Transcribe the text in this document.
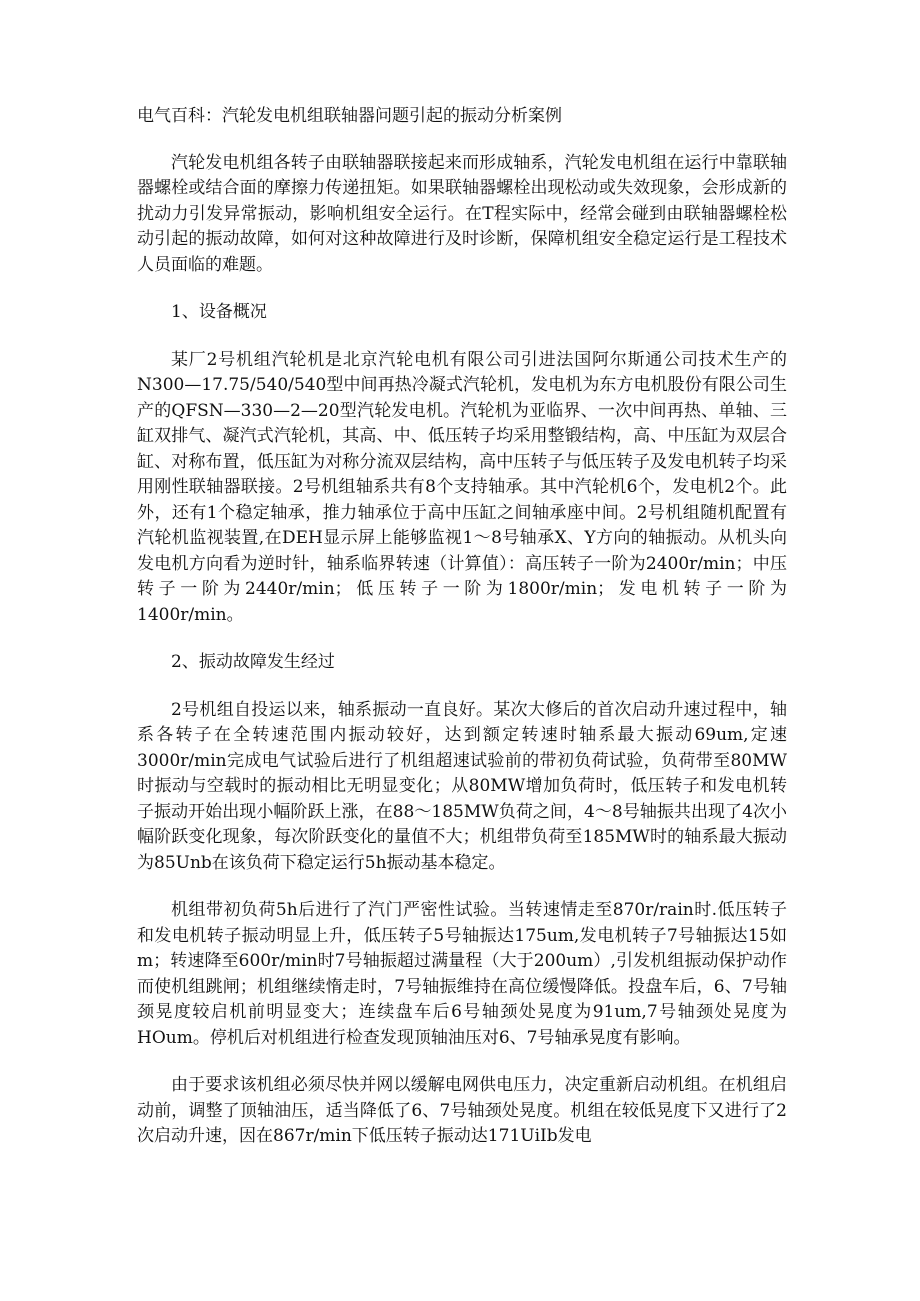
电气百科：汽轮发电机组联轴器问题引起的振动分析案例

汽轮发电机组各转子由联轴器联接起来而形成轴系，汽轮发电机组在运行中靠联轴器螺栓或结合面的摩擦力传递扭矩。如果联轴器螺栓出现松动或失效现象，会形成新的扰动力引发异常振动，影响机组安全运行。在T程实际中，经常会碰到由联轴器螺栓松动引起的振动故障，如何对这种故障进行及时诊断，保障机组安全稳定运行是工程技术人员面临的难题。

1、设备概况

某厂2号机组汽轮机是北京汽轮电机有限公司引进法国阿尔斯通公司技术生产的N300—17.75/540/540型中间再热冷凝式汽轮机，发电机为东方电机股份有限公司生产的QFSN—330—2—20型汽轮发电机。汽轮机为亚临界、一次中间再热、单轴、三缸双排气、凝汽式汽轮机，其高、中、低压转子均采用整锻结构，高、中压缸为双层合缸、对称布置，低压缸为对称分流双层结构，高中压转子与低压转子及发电机转子均采用刚性联轴器联接。2号机组轴系共有8个支持轴承。其中汽轮机6个，发电机2个。此外，还有1个稳定轴承，推力轴承位于高中压缸之间轴承座中间。2号机组随机配置有汽轮机监视装置,在DEH显示屏上能够监视1～8号轴承X、Y方向的轴振动。从机头向发电机方向看为逆时针，轴系临界转速（计算值）：高压转子一阶为2400r/min；中压转子一阶为2440r/min；低压转子一阶为1800r/min；发电机转子一阶为1400r/min。

2、振动故障发生经过

2号机组自投运以来，轴系振动一直良好。某次大修后的首次启动升速过程中，轴系各转子在全转速范围内振动较好，达到额定转速时轴系最大振动69um,定速3000r/min完成电气试验后进行了机组超速试验前的带初负荷试验，负荷带至80MW时振动与空载时的振动相比无明显变化；从80MW增加负荷时，低压转子和发电机转子振动开始出现小幅阶跃上涨，在88～185MW负荷之间，4～8号轴振共出现了4次小幅阶跃变化现象，每次阶跃变化的量值不大；机组带负荷至185MW时的轴系最大振动为85Unb在该负荷下稳定运行5h振动基本稳定。

机组带初负荷5h后进行了汽门严密性试验。当转速情走至870r/rain时.低压转子和发电机转子振动明显上升，低压转子5号轴振达175um,发电机转子7号轴振达15如m；转速降至600r/min时7号轴振超过满量程（大于200um）,引发机组振动保护动作而使机组跳闸；机组继续惰走时，7号轴振维持在高位缓慢降低。投盘车后，6、7号轴颈晃度较启机前明显变大；连续盘车后6号轴颈处晃度为91um,7号轴颈处晃度为HOum。停机后对机组进行检查发现顶轴油压对6、7号轴承晃度有影响。

由于要求该机组必须尽快并网以缓解电网供电压力，决定重新启动机组。在机组启动前，调整了顶轴油压，适当降低了6、7号轴颈处晃度。机组在较低晃度下又进行了2次启动升速，因在867r/min下低压转子振动达171UiIb发电
